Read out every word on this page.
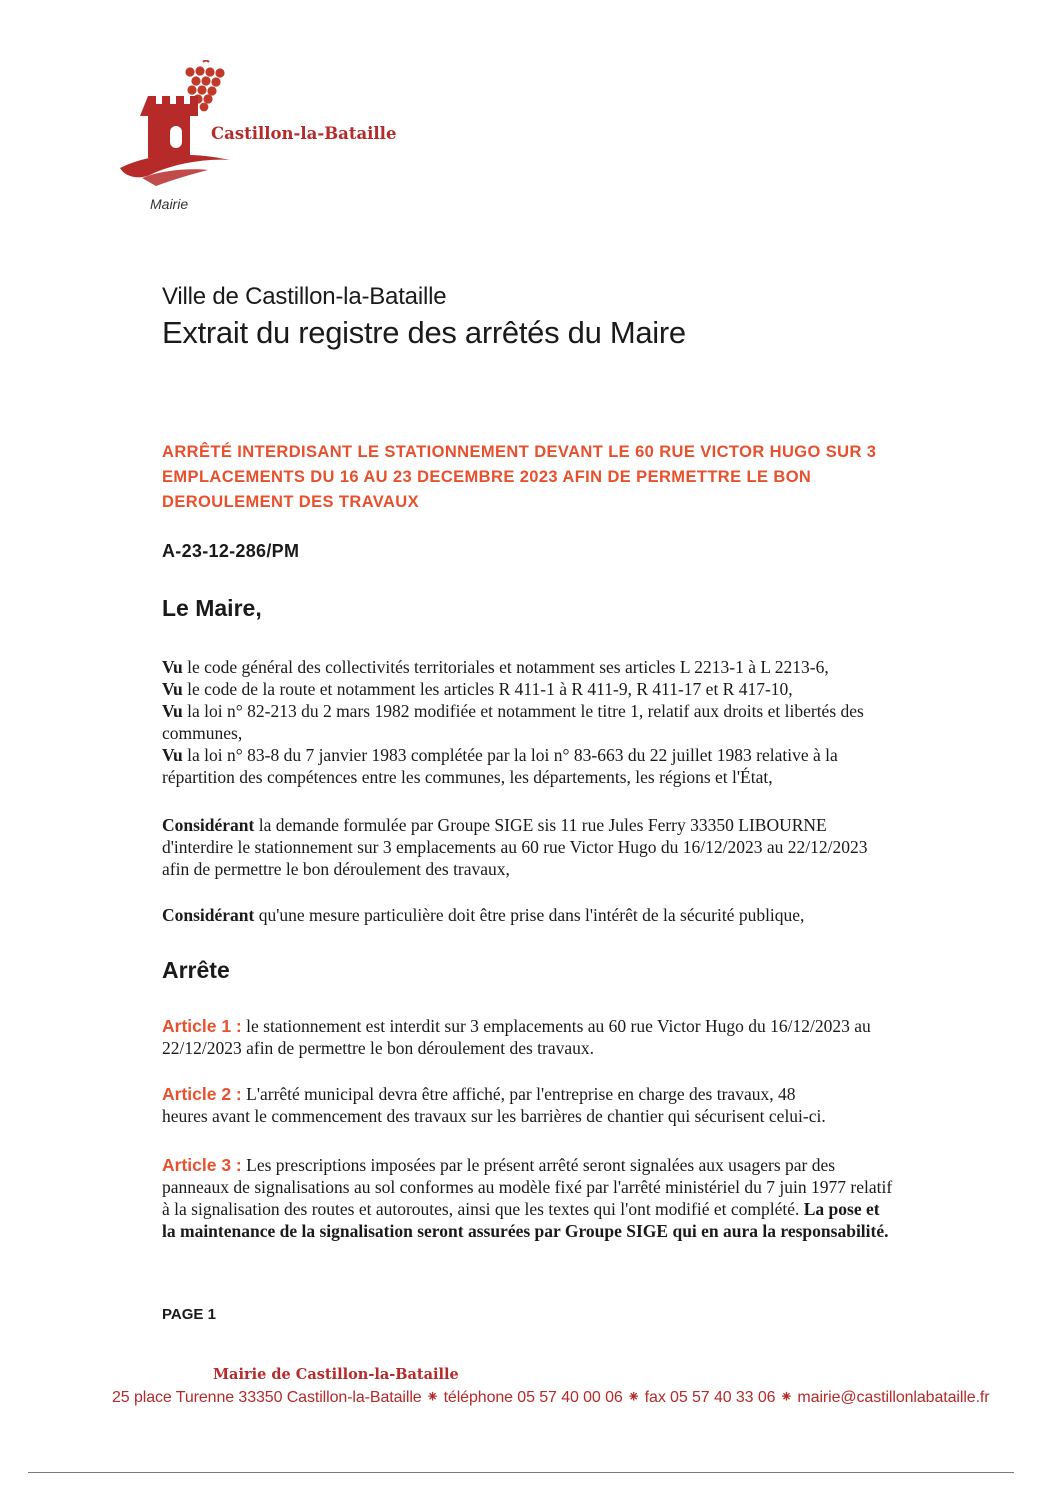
Castillon-la-Bataille
Mairie
Ville de Castillon-la-Bataille
Extrait du registre des arrêtés du Maire
ARRÊTÉ INTERDISANT LE STATIONNEMENT DEVANT LE 60 RUE VICTOR HUGO SUR 3
EMPLACEMENTS DU 16 AU 23 DECEMBRE 2023 AFIN DE PERMETTRE LE BON
DEROULEMENT DES TRAVAUX
A-23-12-286/PM
Le Maire,
Vu le code général des collectivités territoriales et notamment ses articles L 2213-1 à L 2213-6,
Vu le code de la route et notamment les articles R 411-1 à R 411-9, R 411-17 et R 417-10,
Vu la loi n° 82-213 du 2 mars 1982 modifiée et notamment le titre 1, relatif aux droits et libertés des
communes,
Vu la loi n° 83-8 du 7 janvier 1983 complétée par la loi n° 83-663 du 22 juillet 1983 relative à la
répartition des compétences entre les communes, les départements, les régions et l'État,
Considérant la demande formulée par Groupe SIGE sis 11 rue Jules Ferry 33350 LIBOURNE
d'interdire le stationnement sur 3 emplacements au 60 rue Victor Hugo du 16/12/2023 au 22/12/2023
afin de permettre le bon déroulement des travaux,
Considérant qu'une mesure particulière doit être prise dans l'intérêt de la sécurité publique,
Arrête
Article 1 : le stationnement est interdit sur 3 emplacements au 60 rue Victor Hugo du 16/12/2023 au
22/12/2023 afin de permettre le bon déroulement des travaux.
Article 2 : L'arrêté municipal devra être affiché, par l'entreprise en charge des travaux, 48
heures avant le commencement des travaux sur les barrières de chantier qui sécurisent celui-ci.
Article 3 : Les prescriptions imposées par le présent arrêté seront signalées aux usagers par des
panneaux de signalisations au sol conformes au modèle fixé par l'arrêté ministériel du 7 juin 1977 relatif
à la signalisation des routes et autoroutes, ainsi que les textes qui l'ont modifié et complété. La pose et
la maintenance de la signalisation seront assurées par Groupe SIGE qui en aura la responsabilité.
PAGE 1
Mairie de Castillon-la-Bataille
25 place Turenne 33350 Castillon-la-Bataille ⁕ téléphone 05 57 40 00 06 ⁕ fax 05 57 40 33 06 ⁕ mairie@castillonlabataille.fr
